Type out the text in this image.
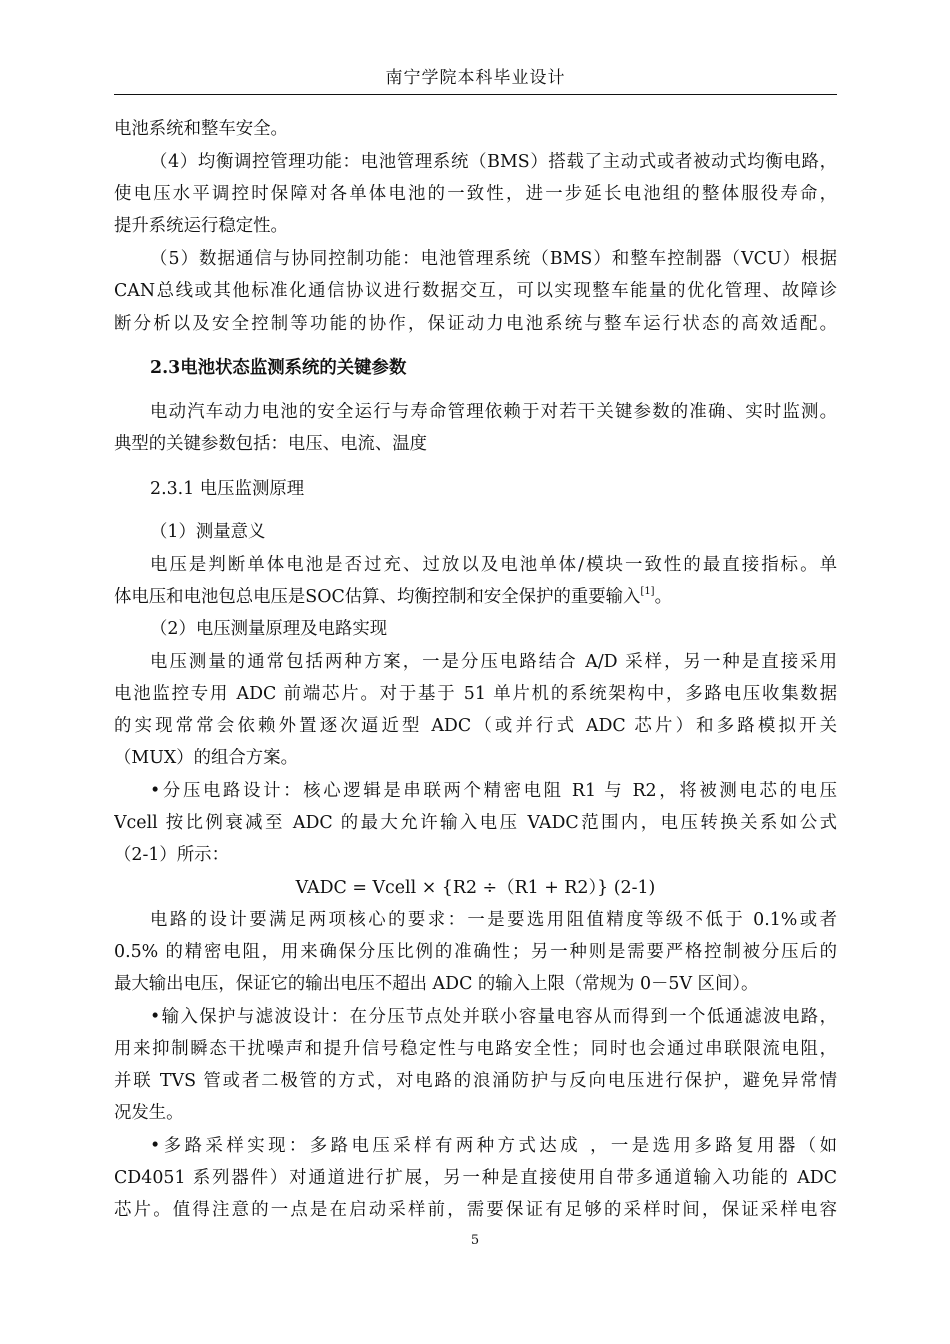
南宁学院本科毕业设计
电池系统和整车安全。
（4）均衡调控管理功能：电池管理系统（BMS）搭载了主动式或者被动式均衡电路，
使电压水平调控时保障对各单体电池的一致性，进一步延长电池组的整体服役寿命，
提升系统运行稳定性。
（5）数据通信与协同控制功能：电池管理系统（BMS）和整车控制器（VCU）根据
CAN总线或其他标准化通信协议进行数据交互，可以实现整车能量的优化管理、故障诊
断分析以及安全控制等功能的协作，保证动力电池系统与整车运行状态的高效适配。
2.3电池状态监测系统的关键参数
电动汽车动力电池的安全运行与寿命管理依赖于对若干关键参数的准确、实时监测。
典型的关键参数包括：电压、电流、温度
2.3.1 电压监测原理
（1）测量意义
电压是判断单体电池是否过充、过放以及电池单体/模块一致性的最直接指标。单
体电压和电池包总电压是SOC估算、均衡控制和安全保护的重要输入[1]。
（2）电压测量原理及电路实现
电压测量的通常包括两种方案，一是分压电路结合 A/D 采样，另一种是直接采用
电池监控专用 ADC 前端芯片。对于基于 51 单片机的系统架构中，多路电压收集数据
的实现常常会依赖外置逐次逼近型 ADC（或并行式 ADC 芯片）和多路模拟开关
（MUX）的组合方案。
•分压电路设计：核心逻辑是串联两个精密电阻 R1 与 R2，将被测电芯的电压
Vcell 按比例衰减至 ADC 的最大允许输入电压 VADC范围内，电压转换关系如公式
（2-1）所示：
VADC = Vcell × {R2 ÷（R1 + R2）} (2-1)
电路的设计要满足两项核心的要求：一是要选用阻值精度等级不低于 0.1%或者
0.5% 的精密电阻，用来确保分压比例的准确性；另一种则是需要严格控制被分压后的
最大输出电压，保证它的输出电压不超出 ADC 的输入上限（常规为 0－5V 区间）。
•输入保护与滤波设计：在分压节点处并联小容量电容从而得到一个低通滤波电路，
用来抑制瞬态干扰噪声和提升信号稳定性与电路安全性；同时也会通过串联限流电阻，
并联 TVS 管或者二极管的方式，对电路的浪涌防护与反向电压进行保护，避免异常情
况发生。
•多路采样实现：多路电压采样有两种方式达成 ，一是选用多路复用器（如
CD4051 系列器件）对通道进行扩展，另一种是直接使用自带多通道输入功能的 ADC
芯片。值得注意的一点是在启动采样前，需要保证有足够的采样时间，保证采样电容
5
